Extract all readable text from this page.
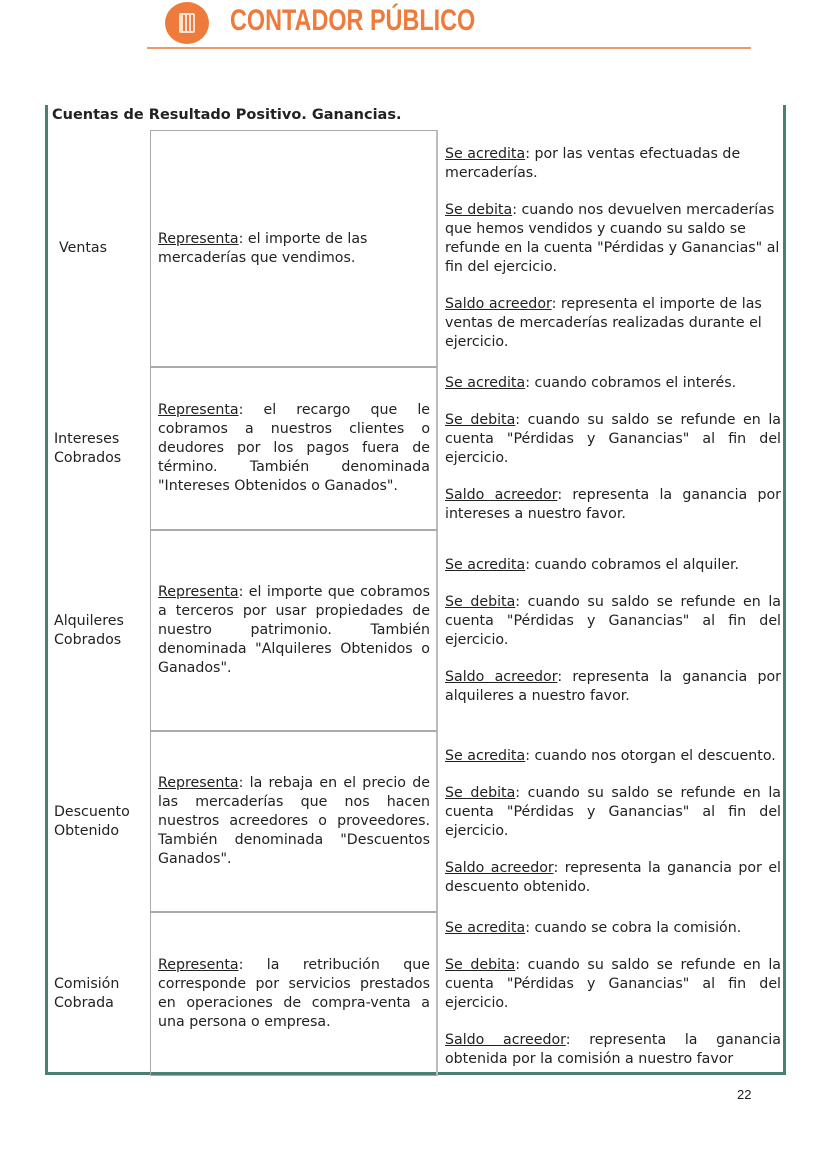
CONTADOR PÚBLICO
Cuentas de Resultado Positivo. Ganancias.
Ventas
Representa: el importe de las mercaderías que vendimos.

Se acredita: por las ventas efectuadas de mercaderías.

Se debita: cuando nos devuelven mercaderías que hemos vendidos y cuando su saldo se refunde en la cuenta "Pérdidas y Ganancias" al fin del ejercicio.

Saldo acreedor: representa el importe de las ventas de mercaderías realizadas durante el ejercicio.

Intereses Cobrados
Representa: el recargo que le cobramos a nuestros clientes o deudores por los pagos fuera de término. También denominada "Intereses Obtenidos o Ganados".

Se acredita: cuando cobramos el interés.

Se debita: cuando su saldo se refunde en la cuenta "Pérdidas y Ganancias" al fin del ejercicio.

Saldo acreedor: representa la ganancia por intereses a nuestro favor.

Alquileres Cobrados
Representa: el importe que cobramos a terceros por usar propiedades de nuestro patrimonio. También denominada "Alquileres Obtenidos o Ganados".

Se acredita: cuando cobramos el alquiler.

Se debita: cuando su saldo se refunde en la cuenta "Pérdidas y Ganancias" al fin del ejercicio.

Saldo acreedor: representa la ganancia por alquileres a nuestro favor.

Descuento Obtenido
Representa: la rebaja en el precio de las mercaderías que nos hacen nuestros acreedores o proveedores. También denominada "Descuentos Ganados".

Se acredita: cuando nos otorgan el descuento.

Se debita: cuando su saldo se refunde en la cuenta "Pérdidas y Ganancias" al fin del ejercicio.

Saldo acreedor: representa la ganancia por el descuento obtenido.

Comisión Cobrada
Representa: la retribución que corresponde por servicios prestados en operaciones de compra-venta a una persona o empresa.

Se acredita: cuando se cobra la comisión.

Se debita: cuando su saldo se refunde en la cuenta "Pérdidas y Ganancias" al fin del ejercicio.

Saldo acreedor: representa la ganancia obtenida por la comisión a nuestro favor

22
